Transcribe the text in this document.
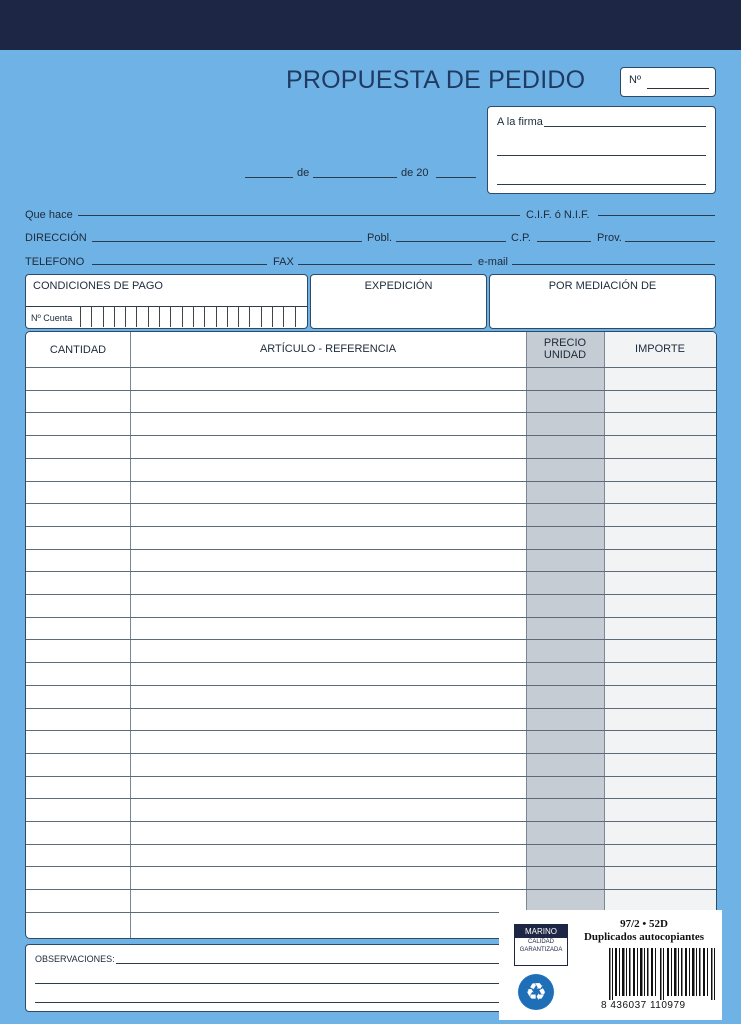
PROPUESTA DE PEDIDO	Nº
A la firma
de	de 20
Que hace	C.I.F. ó N.I.F.
DIRECCIÓN	Pobl.	C.P.	Prov.
TELEFONO	FAX	e-mail
CONDICIONES DE PAGO
Nº Cuenta
EXPEDICIÓN	POR MEDIACIÓN DE
CANTIDAD	ARTÍCULO - REFERENCIA	PRECIO UNIDAD	IMPORTE
OBSERVACIONES:
MARINO
CALIDAD
GARANTIZADA
♻
97/2 • 52D
Duplicados autocopiantes
8 436037 110979
